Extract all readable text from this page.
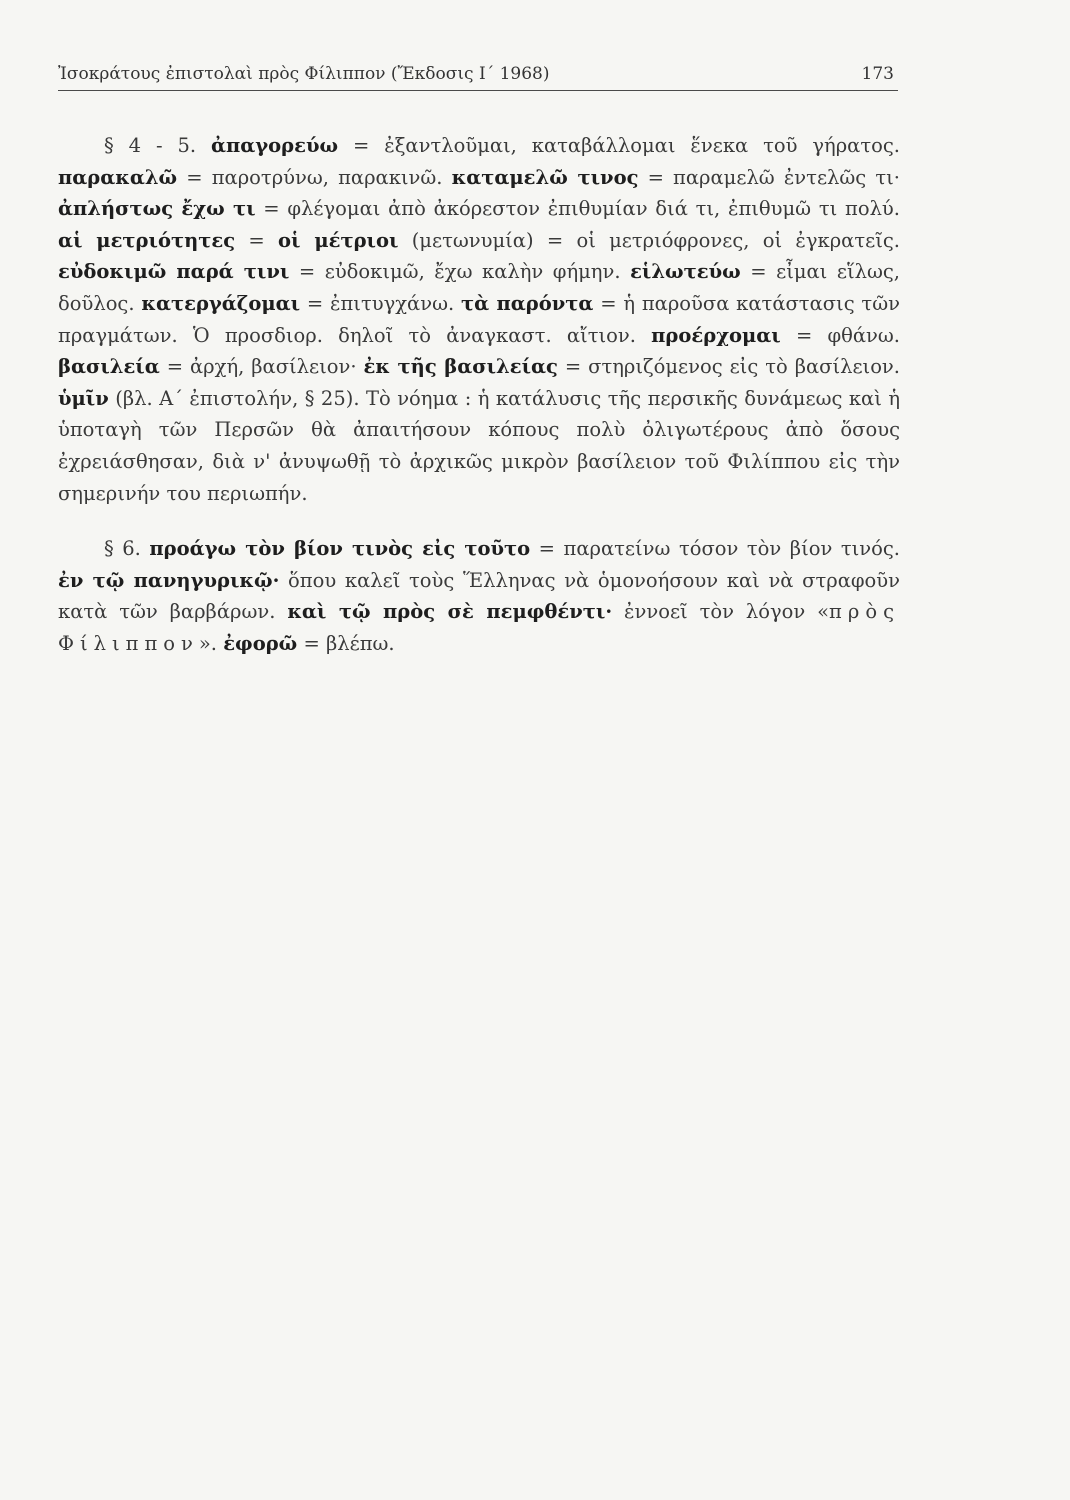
Ἰσοκράτους ἐπιστολαὶ πρὸς Φίλιππον (Ἔκδοσις Ι΄ 1968)	173

§ 4 - 5. ἀπαγορεύω = ἐξαντλοῦμαι, καταβάλλομαι ἕνεκα τοῦ γήρατος. παρακαλῶ = παροτρύνω, παρακινῶ. καταμελῶ τινος = παραμελῶ ἐντελῶς τι· ἀπλήστως ἔχω τι = φλέγομαι ἀπὸ ἀκόρεστον ἐπιθυμίαν διά τι, ἐπιθυμῶ τι πολύ. αἱ μετριότητες = οἱ μέτριοι (μετωνυμία) = οἱ μετριόφρονες, οἱ ἐγκρατεῖς. εὐδοκιμῶ παρά τινι = εὐδοκιμῶ, ἔχω καλὴν φήμην. εἱλωτεύω = εἶμαι εἵλως, δοῦλος. κατεργάζομαι = ἐπιτυγχάνω. τὰ παρόντα = ἡ παροῦσα κατάστασις τῶν πραγμάτων. Ὁ προσδιορ. δηλοῖ τὸ ἀναγκαστ. αἴτιον. προέρχομαι = φθάνω. βασιλεία = ἀρχή, βασίλειον· ἐκ τῆς βασιλείας = στηριζόμενος εἰς τὸ βασίλειον. ὑμῖν (βλ. Α΄ ἐπιστολήν, § 25). Τὸ νόημα : ἡ κατάλυσις τῆς περσικῆς δυνάμεως καὶ ἡ ὑποταγὴ τῶν Περσῶν θὰ ἀπαιτήσουν κόπους πολὺ ὀλιγωτέρους ἀπὸ ὅσους ἐχρειάσθησαν, διὰ ν' ἀνυψωθῇ τὸ ἀρχικῶς μικρὸν βασίλειον τοῦ Φιλίππου εἰς τὴν σημερινήν του περιωπήν.

§ 6. προάγω τὸν βίον τινὸς εἰς τοῦτο = παρατείνω τόσον τὸν βίον τινός. ἐν τῷ πανηγυρικῷ· ὅπου καλεῖ τοὺς Ἕλληνας νὰ ὁμονοήσουν καὶ νὰ στραφοῦν κατὰ τῶν βαρβάρων. καὶ τῷ πρὸς σὲ πεμφθέντι· ἐννοεῖ τὸν λόγον «πρὸς Φίλιππον». ἐφορῶ = βλέπω.
